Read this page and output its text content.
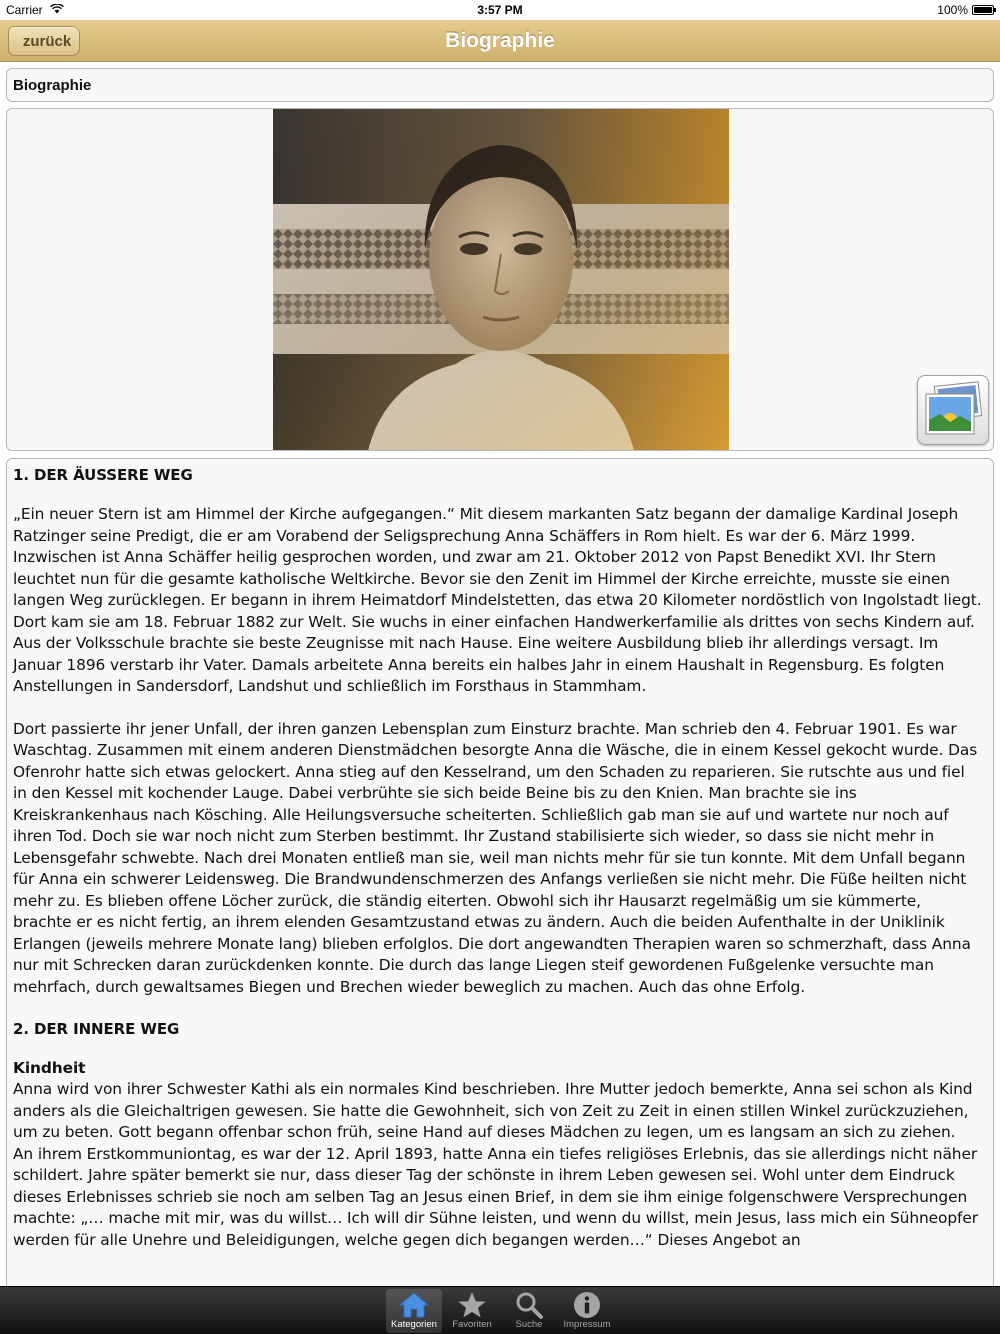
Carrier	3:57 PM	100%
zurück	Biographie
Biographie
1. DER ÄUSSERE WEG

„Ein neuer Stern ist am Himmel der Kirche aufgegangen.“ Mit diesem markanten Satz begann der damalige Kardinal Joseph Ratzinger seine Predigt, die er am Vorabend der Seligsprechung Anna Schäffers in Rom hielt. Es war der 6. März 1999. Inzwischen ist Anna Schäffer heilig gesprochen worden, und zwar am 21. Oktober 2012 von Papst Benedikt XVI. Ihr Stern leuchtet nun für die gesamte katholische Weltkirche. Bevor sie den Zenit im Himmel der Kirche erreichte, musste sie einen langen Weg zurücklegen. Er begann in ihrem Heimatdorf Mindelstetten, das etwa 20 Kilometer nordöstlich von Ingolstadt liegt. Dort kam sie am 18. Februar 1882 zur Welt. Sie wuchs in einer einfachen Handwerkerfamilie als drittes von sechs Kindern auf. Aus der Volksschule brachte sie beste Zeugnisse mit nach Hause. Eine weitere Ausbildung blieb ihr allerdings versagt. Im Januar 1896 verstarb ihr Vater. Damals arbeitete Anna bereits ein halbes Jahr in einem Haushalt in Regensburg. Es folgten Anstellungen in Sandersdorf, Landshut und schließlich im Forsthaus in Stammham.

Dort passierte ihr jener Unfall, der ihren ganzen Lebensplan zum Einsturz brachte. Man schrieb den 4. Februar 1901. Es war Waschtag. Zusammen mit einem anderen Dienstmädchen besorgte Anna die Wäsche, die in einem Kessel gekocht wurde. Das Ofenrohr hatte sich etwas gelockert. Anna stieg auf den Kesselrand, um den Schaden zu reparieren. Sie rutschte aus und fiel in den Kessel mit kochender Lauge. Dabei verbrühte sie sich beide Beine bis zu den Knien. Man brachte sie ins Kreiskrankenhaus nach Kösching. Alle Heilungsversuche scheiterten. Schließlich gab man sie auf und wartete nur noch auf ihren Tod. Doch sie war noch nicht zum Sterben bestimmt. Ihr Zustand stabilisierte sich wieder, so dass sie nicht mehr in Lebensgefahr schwebte. Nach drei Monaten entließ man sie, weil man nichts mehr für sie tun konnte. Mit dem Unfall begann für Anna ein schwerer Leidensweg. Die Brandwundenschmerzen des Anfangs verließen sie nicht mehr. Die Füße heilten nicht mehr zu. Es blieben offene Löcher zurück, die ständig eiterten. Obwohl sich ihr Hausarzt regelmäßig um sie kümmerte, brachte er es nicht fertig, an ihrem elenden Gesamtzustand etwas zu ändern. Auch die beiden Aufenthalte in der Uniklinik Erlangen (jeweils mehrere Monate lang) blieben erfolglos. Die dort angewandten Therapien waren so schmerzhaft, dass Anna nur mit Schrecken daran zurückdenken konnte. Die durch das lange Liegen steif gewordenen Fußgelenke versuchte man mehrfach, durch gewaltsames Biegen und Brechen wieder beweglich zu machen. Auch das ohne Erfolg.

2. DER INNERE WEG
Kindheit

Anna wird von ihrer Schwester Kathi als ein normales Kind beschrieben. Ihre Mutter jedoch bemerkte, Anna sei schon als Kind anders als die Gleichaltrigen gewesen. Sie hatte die Gewohnheit, sich von Zeit zu Zeit in einen stillen Winkel zurückzuziehen, um zu beten. Gott begann offenbar schon früh, seine Hand auf dieses Mädchen zu legen, um es langsam an sich zu ziehen.

An ihrem Erstkommuniontag, es war der 12. April 1893, hatte Anna ein tiefes religiöses Erlebnis, das sie allerdings nicht näher schildert. Jahre später bemerkt sie nur, dass dieser Tag der schönste in ihrem Leben gewesen sei. Wohl unter dem Eindruck dieses Erlebnisses schrieb sie noch am selben Tag an Jesus einen Brief, in dem sie ihm einige folgenschwere Versprechungen machte: „… mache mit mir, was du willst… Ich will dir Sühne leisten, und wenn du willst, mein Jesus, lass mich ein Sühneopfer werden für alle Unehre und Beleidigungen, welche gegen dich begangen werden…“ Dieses Angebot an

Kategorien	Favoriten	Suche	Impressum
